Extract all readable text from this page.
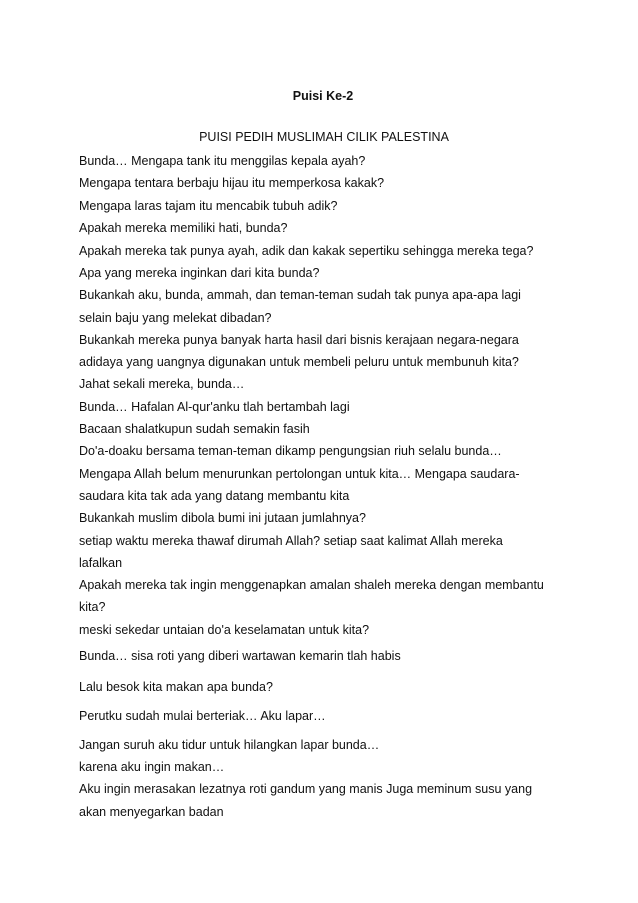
Puisi Ke-2
PUISI PEDIH MUSLIMAH CILIK PALESTINA
Bunda… Mengapa tank itu menggilas kepala ayah?
Mengapa tentara berbaju hijau itu memperkosa kakak?
Mengapa laras tajam itu mencabik tubuh adik?
Apakah mereka memiliki hati, bunda?
Apakah mereka tak punya ayah, adik dan kakak sepertiku sehingga mereka tega?
Apa yang mereka inginkan dari kita bunda?
Bukankah aku, bunda, ammah, dan teman-teman sudah tak punya apa-apa lagi
selain baju yang melekat dibadan?
Bukankah mereka punya banyak harta hasil dari bisnis kerajaan negara-negara
adidaya yang uangnya digunakan untuk membeli peluru untuk membunuh kita?
Jahat sekali mereka, bunda…
Bunda… Hafalan Al-qur'anku tlah bertambah lagi
Bacaan shalatkupun sudah semakin fasih
Do'a-doaku bersama teman-teman dikamp pengungsian riuh selalu bunda…
Mengapa Allah belum menurunkan pertolongan untuk kita… Mengapa saudara-
saudara kita tak ada yang datang membantu kita
Bukankah muslim dibola bumi ini jutaan jumlahnya?
setiap waktu mereka thawaf dirumah Allah? setiap saat kalimat Allah mereka
lafalkan
Apakah mereka tak ingin menggenapkan amalan shaleh mereka dengan membantu
kita?
meski sekedar untaian do'a keselamatan untuk kita?
Bunda… sisa roti yang diberi wartawan kemarin tlah habis
Lalu besok kita makan apa bunda?
Perutku sudah mulai berteriak… Aku lapar…
Jangan suruh aku tidur untuk hilangkan lapar bunda…
karena aku ingin makan…
Aku ingin merasakan lezatnya roti gandum yang manis Juga meminum susu yang
akan menyegarkan badan
